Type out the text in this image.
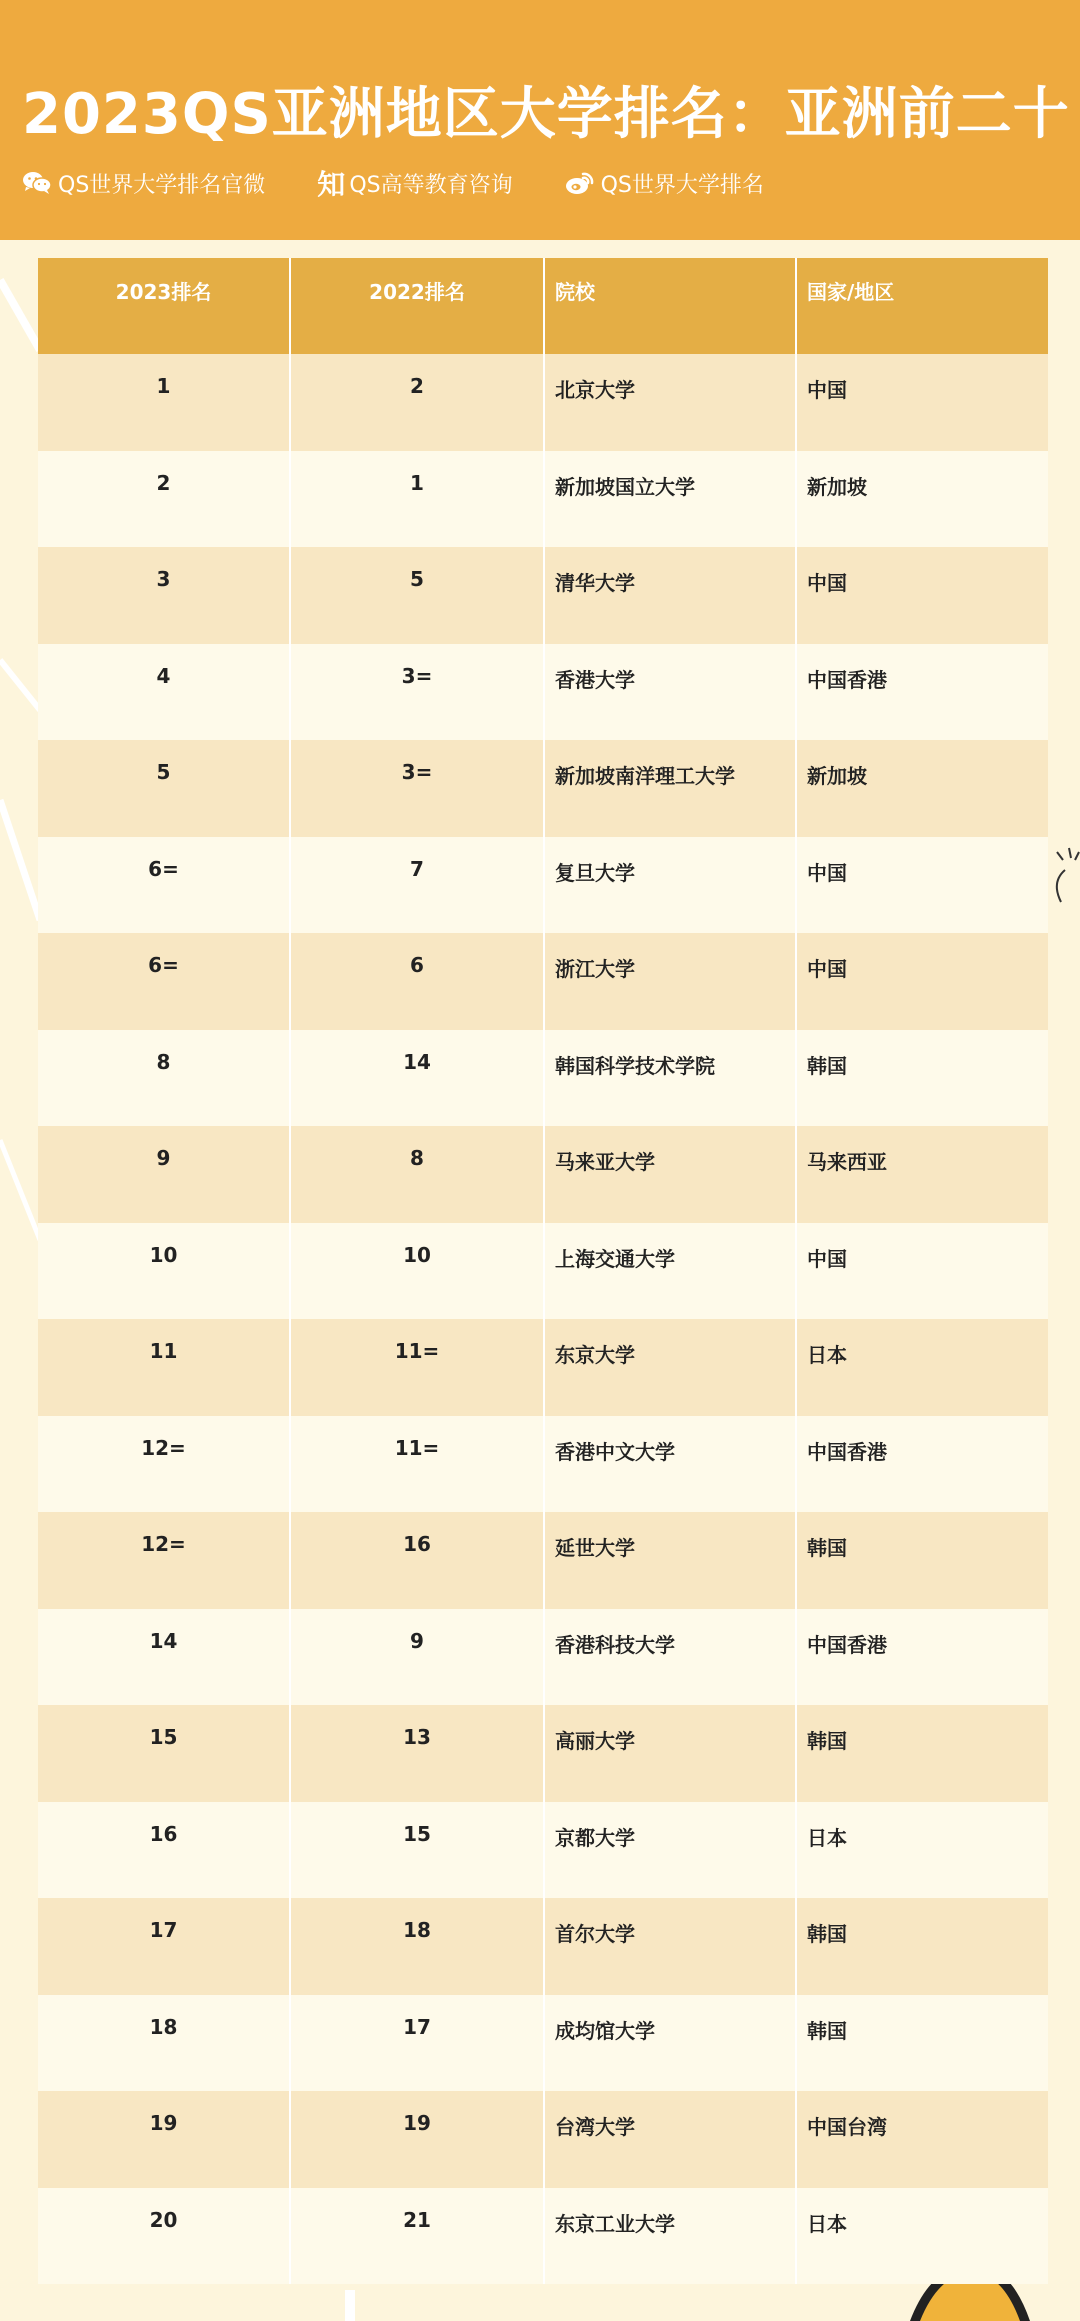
2023QS亚洲地区大学排名：亚洲前二十
QS世界大学排名官微 知 QS高等教育咨询	QS世界大学排名
2023排名	2022排名	院校	国家/地区
1	2	北京大学	中国
2	1	新加坡国立大学	新加坡
3	5	清华大学	中国
4	3=	香港大学	中国香港
5	3=	新加坡南洋理工大学	新加坡
6=	7	复旦大学	中国
6=	6	浙江大学	中国
8	14	韩国科学技术学院	韩国
9	8	马来亚大学	马来西亚
10	10	上海交通大学	中国
11	11=	东京大学	日本
12=	11=	香港中文大学	中国香港
12=	16	延世大学	韩国
14	9	香港科技大学	中国香港
15	13	高丽大学	韩国
16	15	京都大学	日本
17	18	首尔大学	韩国
18	17	成均馆大学	韩国
19	19	台湾大学	中国台湾
20	21	东京工业大学	日本
